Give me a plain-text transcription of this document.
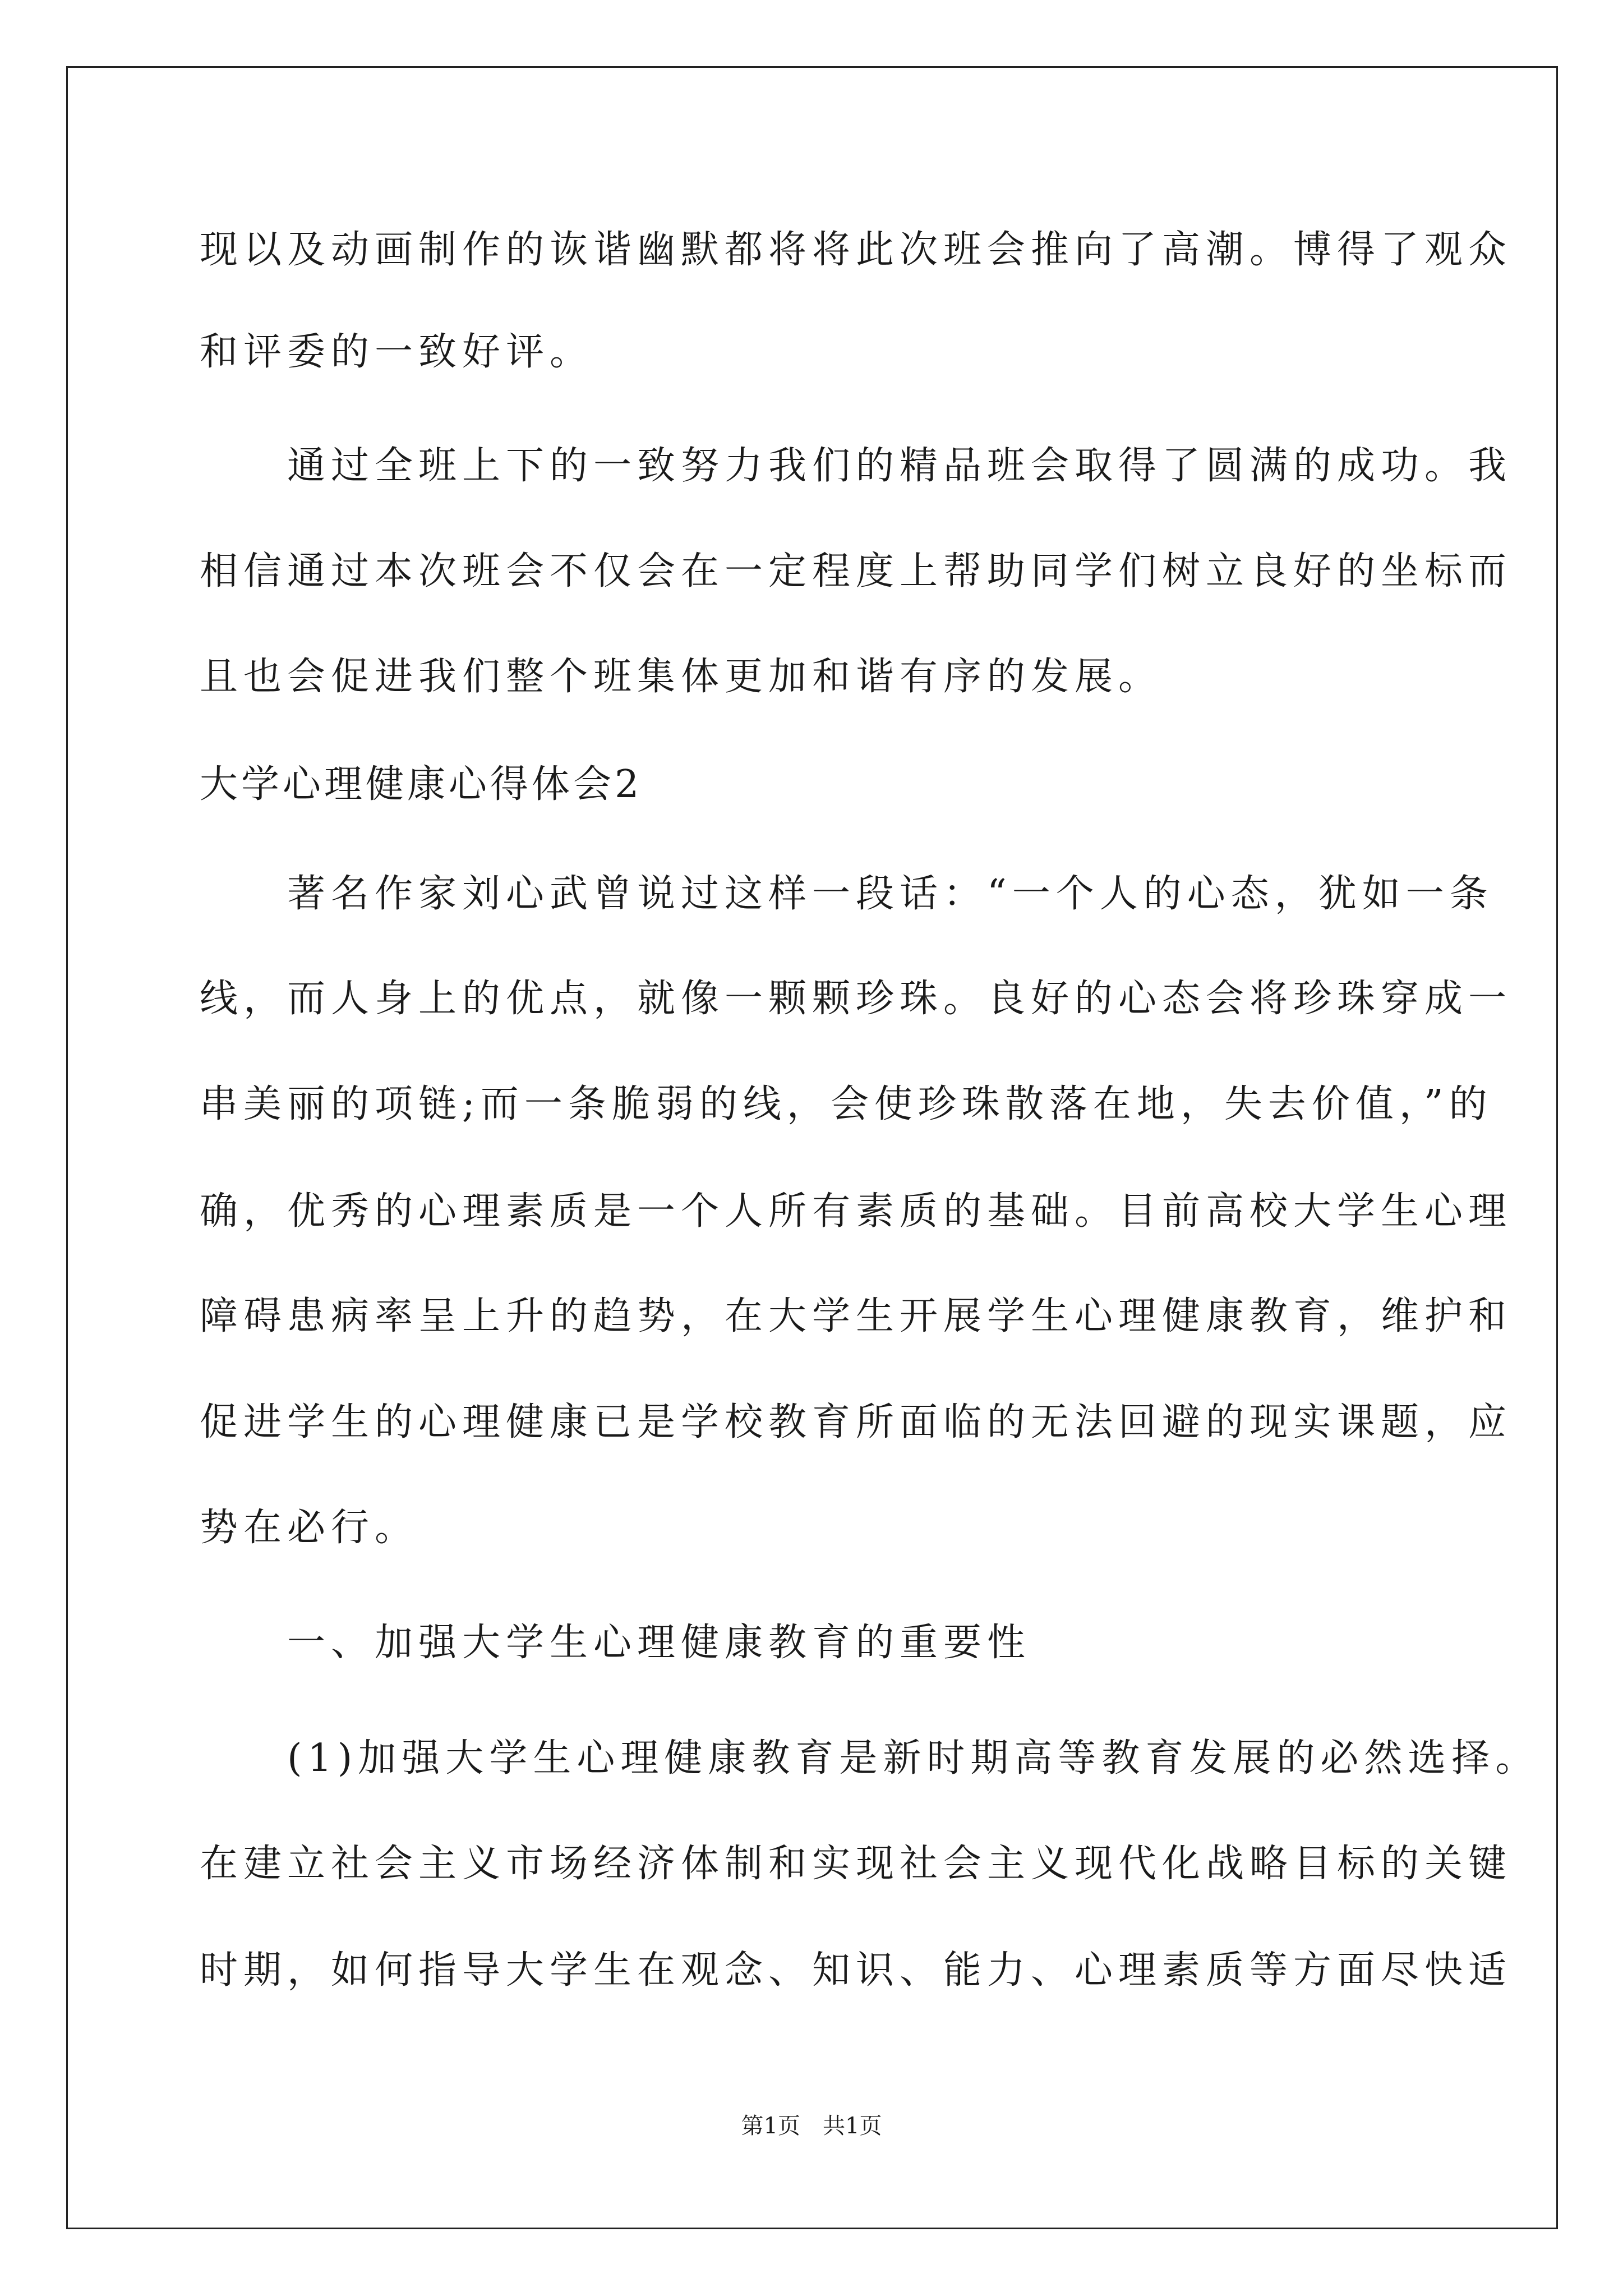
现以及动画制作的诙谐幽默都将将此次班会推向了高潮。博得了观众
和评委的一致好评。
　　通过全班上下的一致努力我们的精品班会取得了圆满的成功。我
相信通过本次班会不仅会在一定程度上帮助同学们树立良好的坐标而
且也会促进我们整个班集体更加和谐有序的发展。
大学心理健康心得体会2
　　著名作家刘心武曾说过这样一段话：“一个人的心态，犹如一条
线，而人身上的优点，就像一颗颗珍珠。良好的心态会将珍珠穿成一
串美丽的项链;而一条脆弱的线，会使珍珠散落在地，失去价值，”的
确，优秀的心理素质是一个人所有素质的基础。目前高校大学生心理
障碍患病率呈上升的趋势，在大学生开展学生心理健康教育，维护和
促进学生的心理健康已是学校教育所面临的无法回避的现实课题，应
势在必行。
　　一、加强大学生心理健康教育的重要性
　　(1)加强大学生心理健康教育是新时期高等教育发展的必然选择。
在建立社会主义市场经济体制和实现社会主义现代化战略目标的关键
时期，如何指导大学生在观念、知识、能力、心理素质等方面尽快适
第1页 共1页
